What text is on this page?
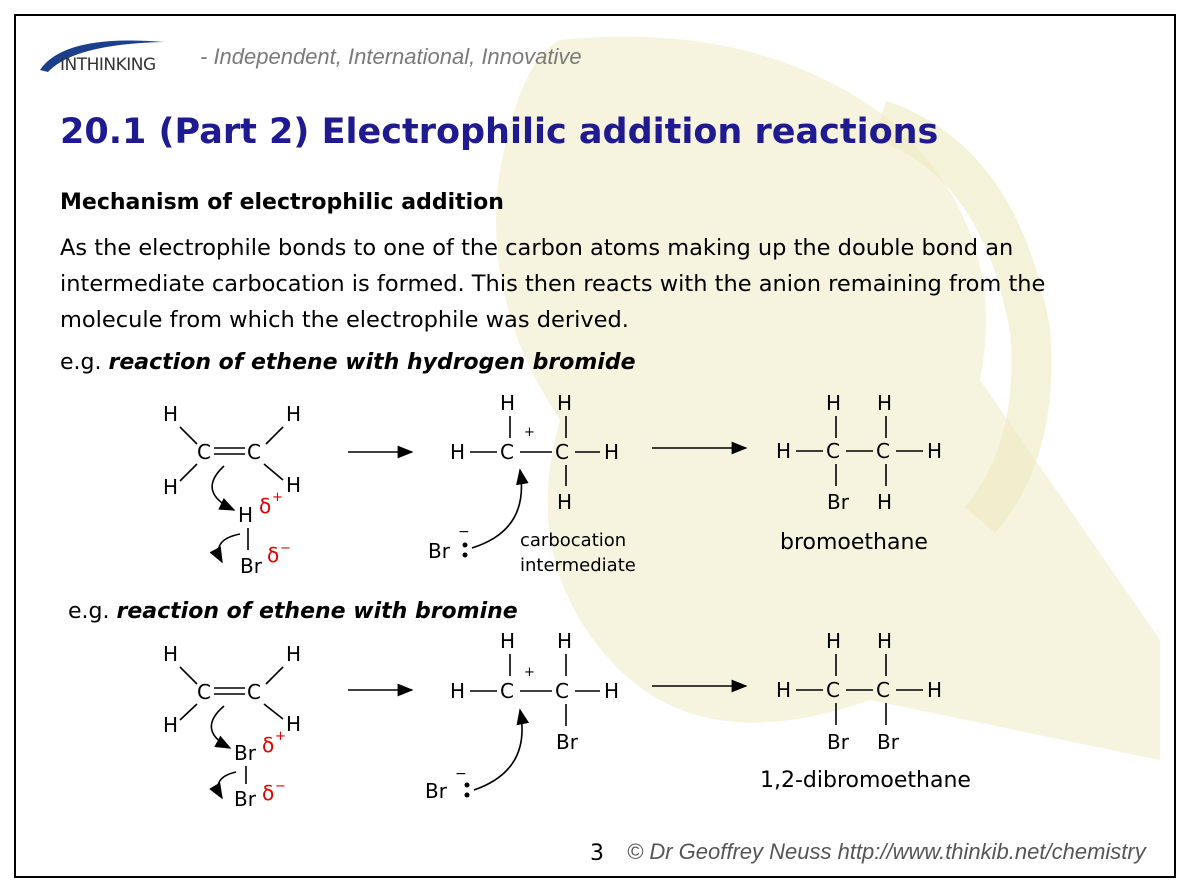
INTHINKING - Independent, International, Innovative
20.1 (Part 2) Electrophilic addition reactions
Mechanism of electrophilic addition
As the electrophile bonds to one of the carbon atoms making up the double bond an intermediate carbocation is formed. This then reacts with the anion remaining from the molecule from which the electrophile was derived.
e.g. reaction of ethene with hydrogen bromide
H	H
C C
H	H
H
Br
δ +
δ −
H H
+
H C C H
H
Br
−
H H
H C C H
Br H
carbocation
intermediate
bromoethane
e.g. reaction of ethene with bromine
H	H
C C
H	H
Br δ +
Br δ −
H H
+
H C C H
Br
Br
−
H H
H C C H
Br Br
1,2-dibromoethane
3 © Dr Geoffrey Neuss http://www.thinkib.net/chemistry
